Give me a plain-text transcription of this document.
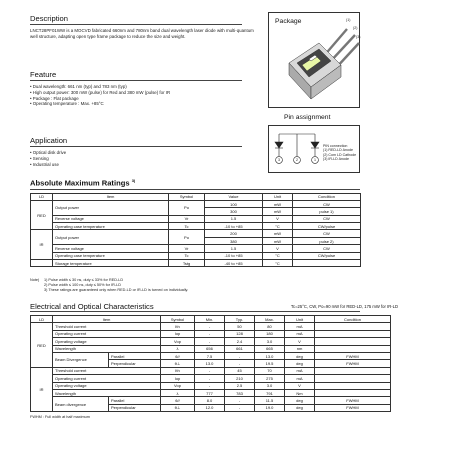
Description

LNCT28PF01WW is a MOCVD fabricated 660nm and 780nm band dual wavelength laser diode with multi-quantum well structure, adapting open type frame package to reduce the size and weight.

Feature
• Dual wavelength: 661 nm (typ) and 783 nm (typ)
• High output power: 300 mW (pulse) for Red and 380 mW (pulse) for IR
• Package : Flat package
• Operating temperature : Max. +85°C
Application
• Optical disk drive
• Sensing
• Industrial use
Package	(1)
(2)
(3)
Pin assignment
3	2	1
PIN connection
(1) RED-LD Anode
(2) Com LD Cathode
(3) IR-LD Anode
Absolute Maximum Ratings $^{3)}$
LD	Item	Symbol	Value	Unit	Condition
RED	Output power	Po	100	mW	CW
			300	mW	pulse 1)
	Reverse voltage	Vr	1.5	V	CW
	Operating case temperature	Tc	-10 to +85	°C	CW/pulse
IR	Output power	Po	200	mW	CW
			380	mW	pulse 2)
	Reverse voltage	Vr	1.5	V	CW
	Operating case temperature	Tc	-10 to +85	°C	CW/pulse
	Storage temperature	Tstg	-40 to +85	°C	
Note) 1) Pulse width ≤ 30 ns, duty ≤ 33% for RED-LD
2) Pulse width ≤ 100 ns, duty ≤ 50% for IR-LD
3) These ratings are guaranteed only when RED-LD or IR-LD is turned on individually.
Electrical and Optical Characteristics	Tc=25°C, CW, Po=90 mW for RED-LD, 175 mW for IR-LD
LD	Item		Symbol	Min.	Typ.	Max.	Unit	Condition
RED	Threshold current		Ith	-	50	80	mA	
	Operating current		Iop	-	128	180	mA	
	Operating voltage		Vop	-	2.4	3.0	V	
	Wavelength		λ	656	661	665	nm	
	Beam Divergence	Parallel	θ//	7.5	-	13.0	deg	FWHM
		Perpendicular	θ⊥	13.0	-	19.5	deg	FWHM
IR	Threshold current		Ith	-	45	70	mA	
	Operating current		Iop	-	210	275	mA	
	Operating voltage		Vop	-	2.5	3.0	V	
	Wavelength		λ	777	783	791	Nm	
	Beam divergence	Parallel	θ//	8.0	-	11.5	deg	FWHM
		Perpendicular	θ⊥	12.0	-	19.0	deg	FWHM
FWHM : Full width at half maximum
